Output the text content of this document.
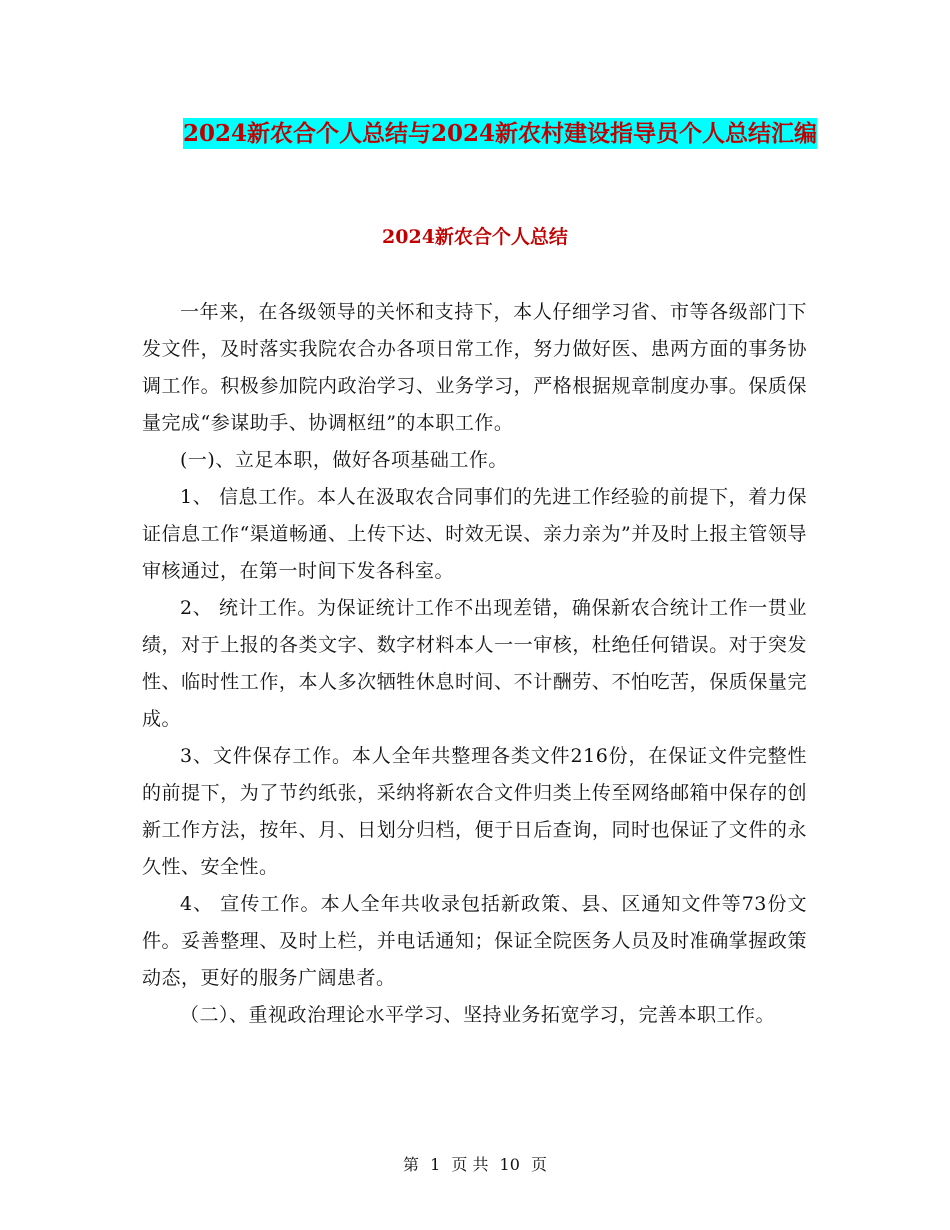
2024新农合个人总结与2024新农村建设指导员个人总结汇编
2024新农合个人总结

一年来，在各级领导的关怀和支持下，本人仔细学习省、市等各级部门下发文件，及时落实我院农合办各项日常工作，努力做好医、患两方面的事务协调工作。积极参加院内政治学习、业务学习，严格根据规章制度办事。保质保量完成“参谋助手、协调枢纽”的本职工作。

(一)、立足本职，做好各项基础工作。

1、 信息工作。本人在汲取农合同事们的先进工作经验的前提下，着力保证信息工作“渠道畅通、上传下达、时效无误、亲力亲为”并及时上报主管领导审核通过，在第一时间下发各科室。

2、 统计工作。为保证统计工作不出现差错，确保新农合统计工作一贯业绩，对于上报的各类文字、数字材料本人一一审核，杜绝任何错误。对于突发性、临时性工作，本人多次牺牲休息时间、不计酬劳、不怕吃苦，保质保量完成。

3、文件保存工作。本人全年共整理各类文件216份，在保证文件完整性的前提下，为了节约纸张，采纳将新农合文件归类上传至网络邮箱中保存的创新工作方法，按年、月、日划分归档，便于日后查询，同时也保证了文件的永久性、安全性。

4、 宣传工作。本人全年共收录包括新政策、县、区通知文件等73份文件。妥善整理、及时上栏，并电话通知；保证全院医务人员及时准确掌握政策动态，更好的服务广阔患者。

（二）、重视政治理论水平学习、坚持业务拓宽学习，完善本职工作。

第 1 页 共 10 页
